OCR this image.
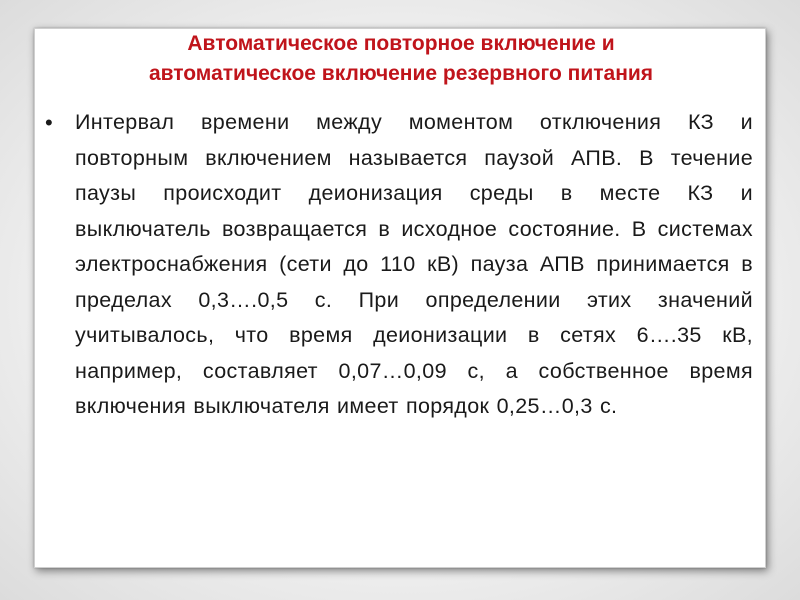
Автоматическое повторное включение и
автоматическое включение резервного питания
• Интервал времени между моментом отключения КЗ и повторным включением называется паузой АПВ. В течение паузы происходит деионизация среды в месте КЗ и выключатель возвращается в исходное состояние. В системах электроснабжения (сети до 110 кВ) пауза АПВ принимается в пределах 0,3….0,5 с. При определении этих значений учитывалось, что время деионизации в сетях 6….35 кВ, например, составляет 0,07…0,09 с, а собственное время включения выключателя имеет порядок 0,25…0,3 с.
